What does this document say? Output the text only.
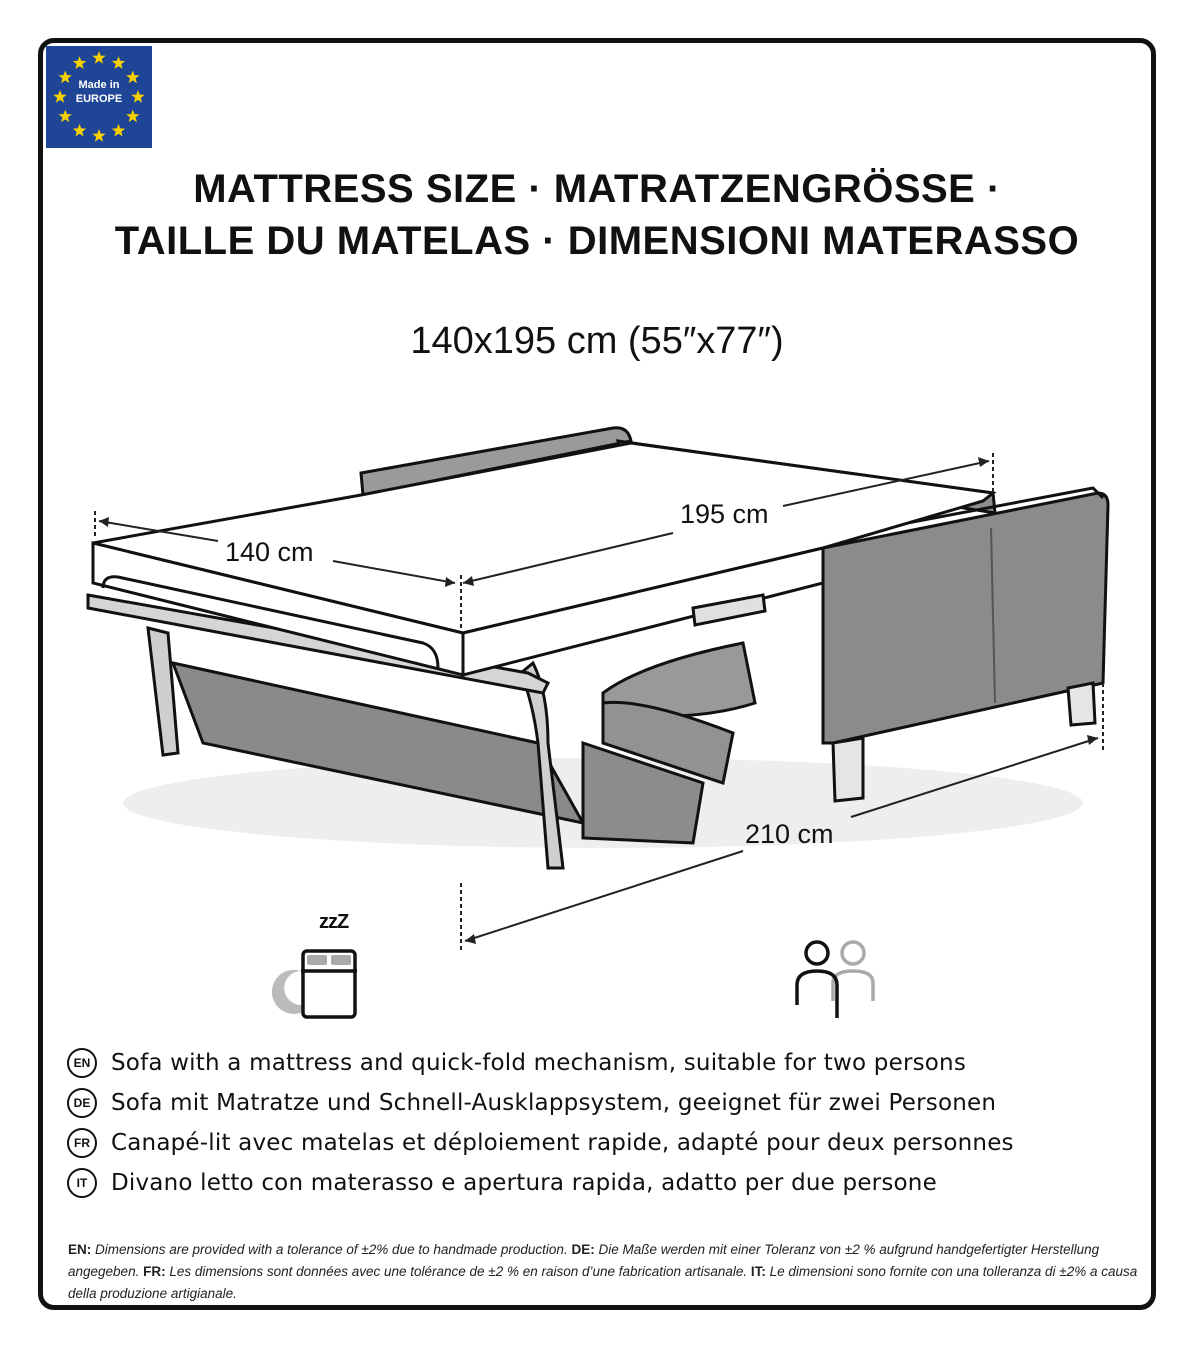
Made in
EUROPE
MATTRESS SIZE · MATRATZENGRÖSSE ·
TAILLE DU MATELAS · DIMENSIONI MATERASSO
140x195 cm (55″x77″)
140 cm
195 cm
210 cm
zzZ
EN Sofa with a mattress and quick-fold mechanism, suitable for two persons
DE Sofa mit Matratze und Schnell-Ausklappsystem, geeignet für zwei Personen
FR Canapé-lit avec matelas et déploiement rapide, adapté pour deux personnes
IT	Divano letto con materasso e apertura rapida, adatto per due persone
EN: Dimensions are provided with a tolerance of ±2% due to handmade production. DE: Die Maße werden mit einer Toleranz von ±2 % aufgrund handgefertigter Herstellung angegeben. FR: Les dimensions sont données avec une tolérance de ±2 % en raison d’une fabrication artisanale. IT: Le dimensioni sono fornite con una tolleranza di ±2% a causa della produzione artigianale.
